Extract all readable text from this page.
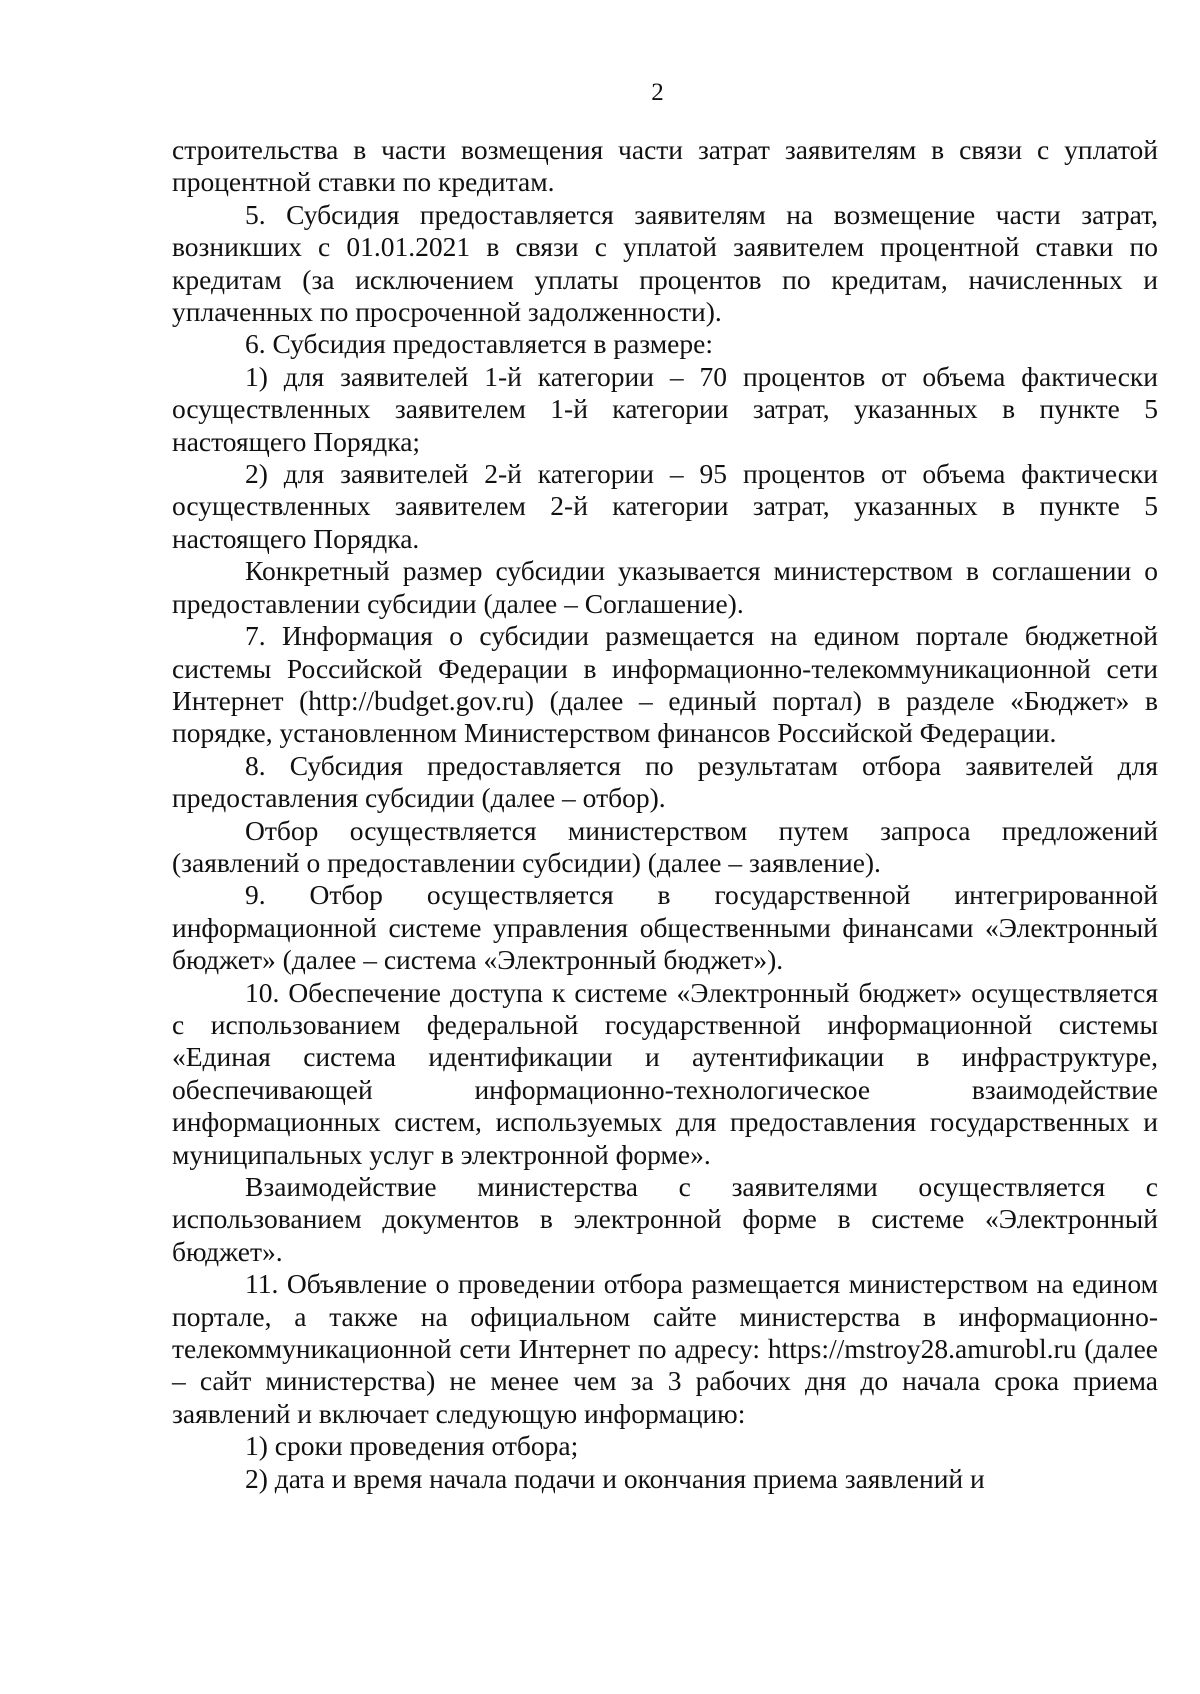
2

строительства в части возмещения части затрат заявителям в связи с уплатой процентной ставки по кредитам.

5. Субсидия предоставляется заявителям на возмещение части затрат, возникших с 01.01.2021 в связи с уплатой заявителем процентной ставки по кредитам (за исключением уплаты процентов по кредитам, начисленных и уплаченных по просроченной задолженности).

6. Субсидия предоставляется в размере:

1) для заявителей 1-й категории – 70 процентов от объема фактически осуществленных заявителем 1-й категории затрат, указанных в пункте 5 настоящего Порядка;

2) для заявителей 2-й категории – 95 процентов от объема фактически осуществленных заявителем 2-й категории затрат, указанных в пункте 5 настоящего Порядка.

Конкретный размер субсидии указывается министерством в соглашении о предоставлении субсидии (далее – Соглашение).

7. Информация о субсидии размещается на едином портале бюджетной системы Российской Федерации в информационно-телекоммуникационной сети Интернет (http://budget.gov.ru) (далее – единый портал) в разделе «Бюджет» в порядке, установленном Министерством финансов Российской Федерации.

8. Субсидия предоставляется по результатам отбора заявителей для предоставления субсидии (далее – отбор).

Отбор осуществляется министерством путем запроса предложений (заявлений о предоставлении субсидии) (далее – заявление).

9. Отбор осуществляется в государственной интегрированной информационной системе управления общественными финансами «Электронный бюджет» (далее – система «Электронный бюджет»).

10. Обеспечение доступа к системе «Электронный бюджет» осуществляется с использованием федеральной государственной информационной системы «Единая система идентификации и аутентификации в инфраструктуре, обеспечивающей информационно-технологическое взаимодействие информационных систем, используемых для предоставления государственных и муниципальных услуг в электронной форме».

Взаимодействие министерства с заявителями осуществляется с использованием документов в электронной форме в системе «Электронный бюджет».

11. Объявление о проведении отбора размещается министерством на едином портале, а также на официальном сайте министерства в информационно-телекоммуникационной сети Интернет по адресу: https://mstroy28.amurobl.ru (далее – сайт министерства) не менее чем за 3 рабочих дня до начала срока приема заявлений и включает следующую информацию:

1) сроки проведения отбора;

2) дата и время начала подачи и окончания приема заявлений и
